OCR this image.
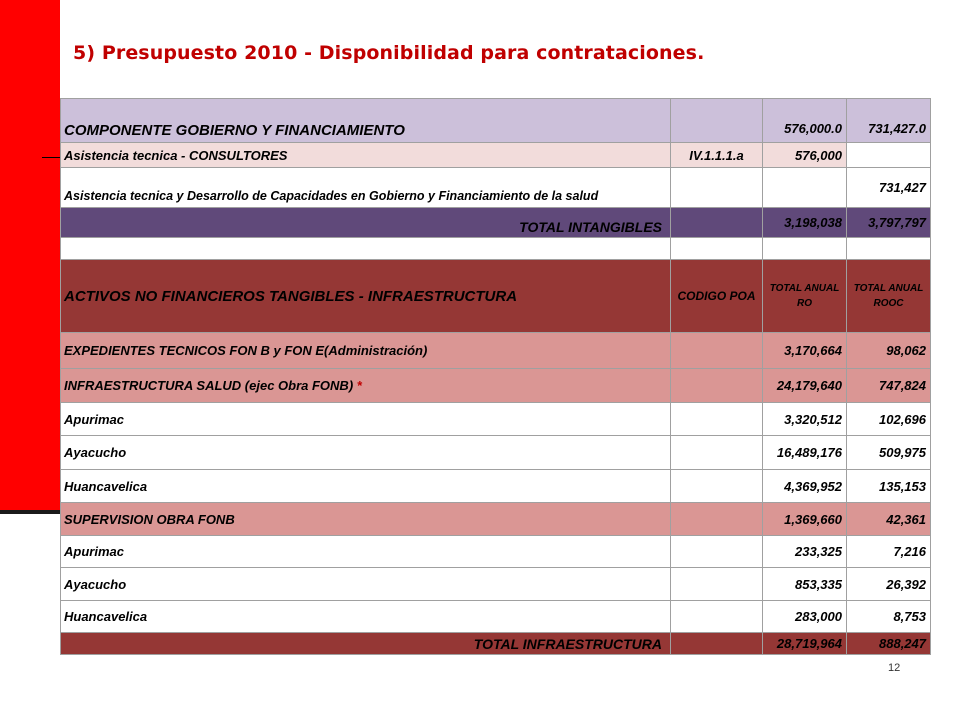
5) Presupuesto 2010 - Disponibilidad para contrataciones.
COMPONENTE GOBIERNO Y FINANCIAMIENTO		576,000.0	731,427.0
Asistencia tecnica - CONSULTORES	IV.1.1.1.a	576,000	
Asistencia tecnica y Desarrollo de Capacidades en Gobierno y Financiamiento de la salud			731,427
TOTAL INTANGIBLES		3,198,038	3,797,797

ACTIVOS NO FINANCIEROS TANGIBLES - INFRAESTRUCTURA	CODIGO POA	TOTAL ANUAL RO	TOTAL ANUAL ROOC
EXPEDIENTES TECNICOS FON B y FON E(Administración)		3,170,664	98,062
INFRAESTRUCTURA SALUD (ejec Obra FONB) *		24,179,640	747,824
Apurimac		3,320,512	102,696
Ayacucho		16,489,176	509,975
Huancavelica		4,369,952	135,153
SUPERVISION OBRA FONB		1,369,660	42,361
Apurimac		233,325	7,216
Ayacucho		853,335	26,392
Huancavelica		283,000	8,753
TOTAL INFRAESTRUCTURA		28,719,964	888,247
12
